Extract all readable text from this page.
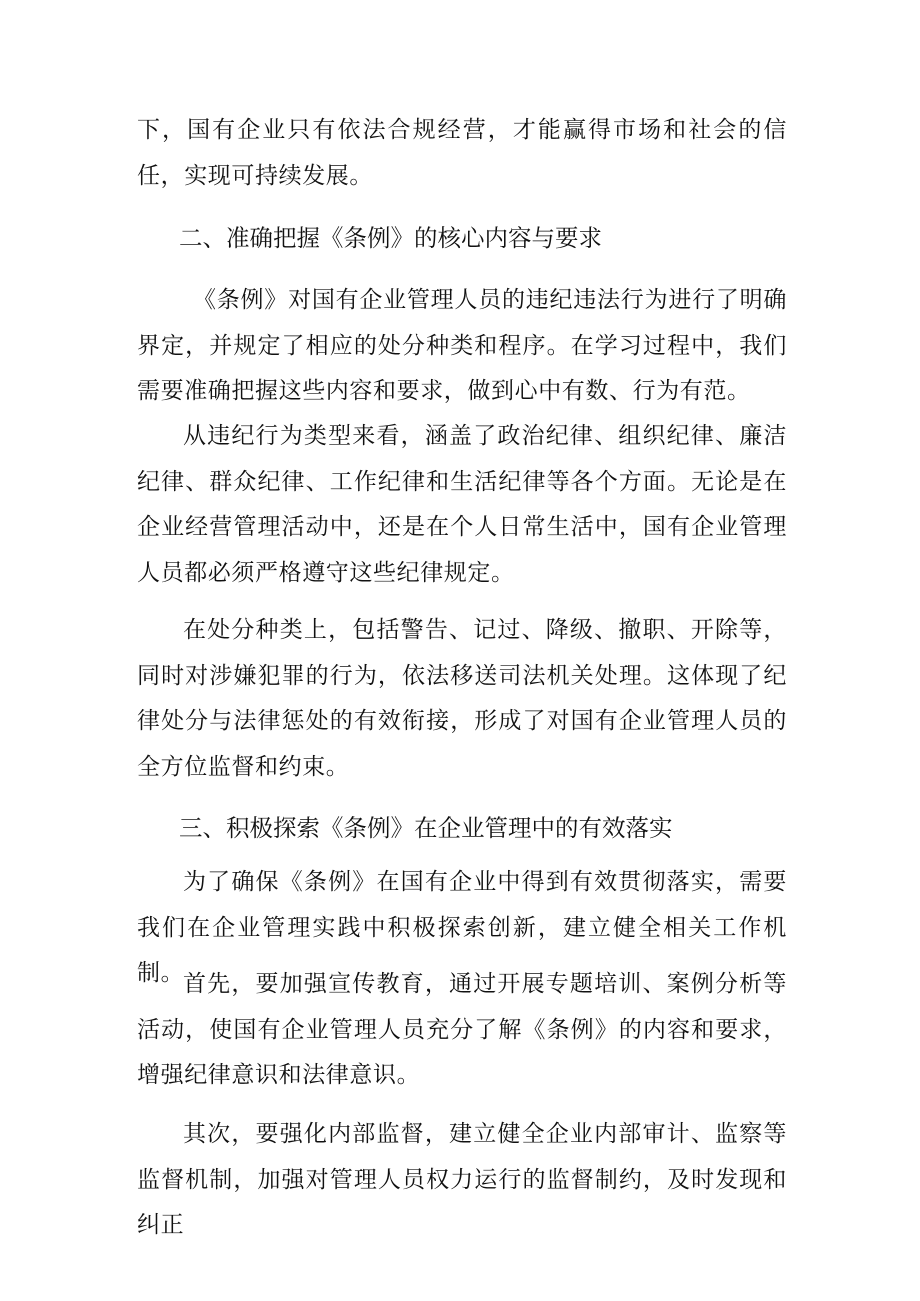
下，国有企业只有依法合规经营，才能赢得市场和社会的信任，实现可持续发展。

二、准确把握《条例》的核心内容与要求

《条例》对国有企业管理人员的违纪违法行为进行了明确界定，并规定了相应的处分种类和程序。在学习过程中，我们需要准确把握这些内容和要求，做到心中有数、行为有范。

从违纪行为类型来看，涵盖了政治纪律、组织纪律、廉洁纪律、群众纪律、工作纪律和生活纪律等各个方面。无论是在企业经营管理活动中，还是在个人日常生活中，国有企业管理人员都必须严格遵守这些纪律规定。

在处分种类上，包括警告、记过、降级、撤职、开除等，同时对涉嫌犯罪的行为，依法移送司法机关处理。这体现了纪律处分与法律惩处的有效衔接，形成了对国有企业管理人员的全方位监督和约束。

三、积极探索《条例》在企业管理中的有效落实

为了确保《条例》在国有企业中得到有效贯彻落实，需要我们在企业管理实践中积极探索创新，建立健全相关工作机制。

首先，要加强宣传教育，通过开展专题培训、案例分析等活动，使国有企业管理人员充分了解《条例》的内容和要求，增强纪律意识和法律意识。

其次，要强化内部监督，建立健全企业内部审计、监察等监督机制，加强对管理人员权力运行的监督制约，及时发现和纠正
